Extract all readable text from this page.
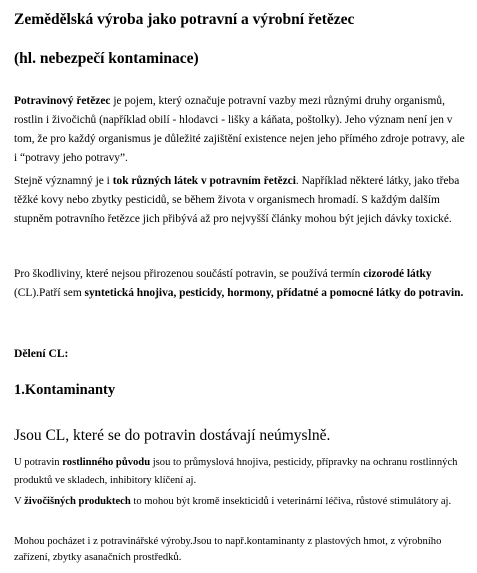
Zemědělská výroba jako potravní a výrobní řetězec
(hl. nebezpečí kontaminace)
Potravinový řetězec je pojem, který označuje potravní vazby mezi různými druhy organismů, rostlin i živočichů (například obilí - hlodavci - lišky a káňata, poštolky). Jeho význam není jen v tom, že pro každý organismus je důležité zajištění existence nejen jeho přímého zdroje potravy, ale i “potravy jeho potravy”.
Stejně významný je i tok různých látek v potravním řetězci. Například některé látky, jako třeba těžké kovy nebo zbytky pesticidů, se během života v organismech hromadí. S každým dalším stupněm potravního řetězce jich přibývá až pro nejvyšší články mohou být jejich dávky toxické.
Pro škodliviny, které nejsou přirozenou součástí potravin, se používá termín cizorodé látky (CL).Patří sem syntetická hnojiva, pesticidy, hormony, přídatné a pomocné látky do potravin.
Dělení CL:
1.Kontaminanty
Jsou CL, které se do potravin dostávají neúmyslně.
U potravin rostlinného původu jsou to průmyslová hnojiva, pesticidy, přípravky na ochranu rostlinných produktů ve skladech, inhibitory klíčení aj.
V živočišných produktech to mohou být kromě insekticidů i veterinární léčiva, růstové stimulátory aj.
Mohou pocházet i z potravinářské výroby.Jsou to např.kontaminanty z plastových hmot, z výrobního zařízení, zbytky asanačních prostředků.
